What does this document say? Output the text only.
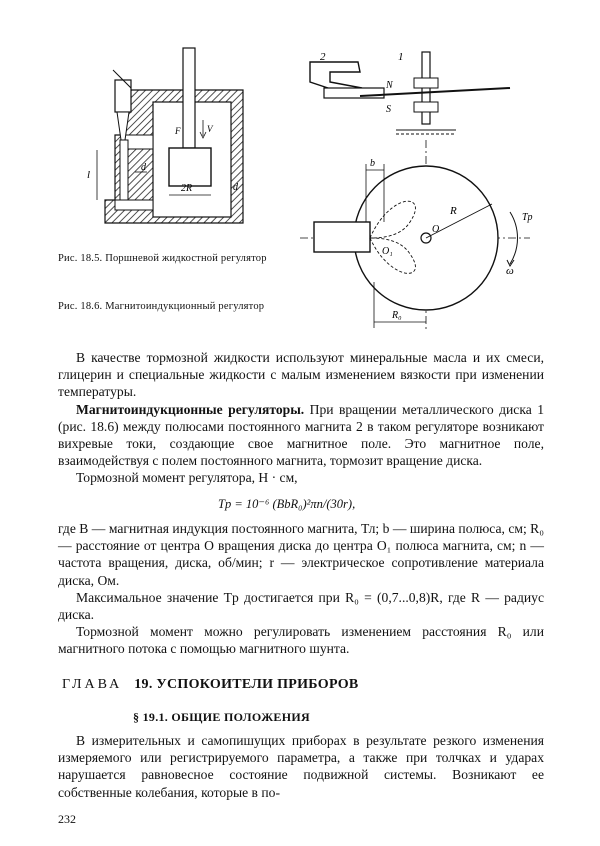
l
d
2R	d
F	V
Рис. 18.5. Поршневой жидкостной регулятор
Рис. 18.6. Магнитоиндукционный регулятор
2	1
N
S
b
R
O
O₁
R₀
Tp
ω

В качестве тормозной жидкости используют минеральные масла и их смеси, глицерин и специальные жидкости с малым изменением вязкости при изменении температуры.

Магнитоиндукционные регуляторы. При вращении металлического диска 1 (рис. 18.6) между полюсами постоянного магнита 2 в таком регуляторе возникают вихревые токи, создающие свое магнитное поле. Это магнитное поле, взаимодействуя с полем постоянного магнита, тормозит вращение диска.

Тормозной момент регулятора, Н · см,

Tp = 10⁻⁶ (BbR₀)²πn/(30r),

где B — магнитная индукция постоянного магнита, Тл; b — ширина полюса, см; R₀ — расстояние от центра O вращения диска до центра O₁ полюса магнита, см; n — частота вращения, диска, об/мин; r — электрическое сопротивление материала диска, Ом.

Максимальное значение Tp достигается при R₀ = (0,7...0,8)R, где R — радиус диска.

Тормозной момент можно регулировать изменением расстояния R₀ или магнитного потока с помощью магнитного шунта.

ГЛАВА 19. УСПОКОИТЕЛИ ПРИБОРОВ
§ 19.1. ОБЩИЕ ПОЛОЖЕНИЯ

В измерительных и самопишущих приборах в результате резкого изменения измеряемого или регистрируемого параметра, а также при толчках и ударах нарушается равновесное состояние подвижной системы. Возникают ее собственные колебания, которые в по-

232
